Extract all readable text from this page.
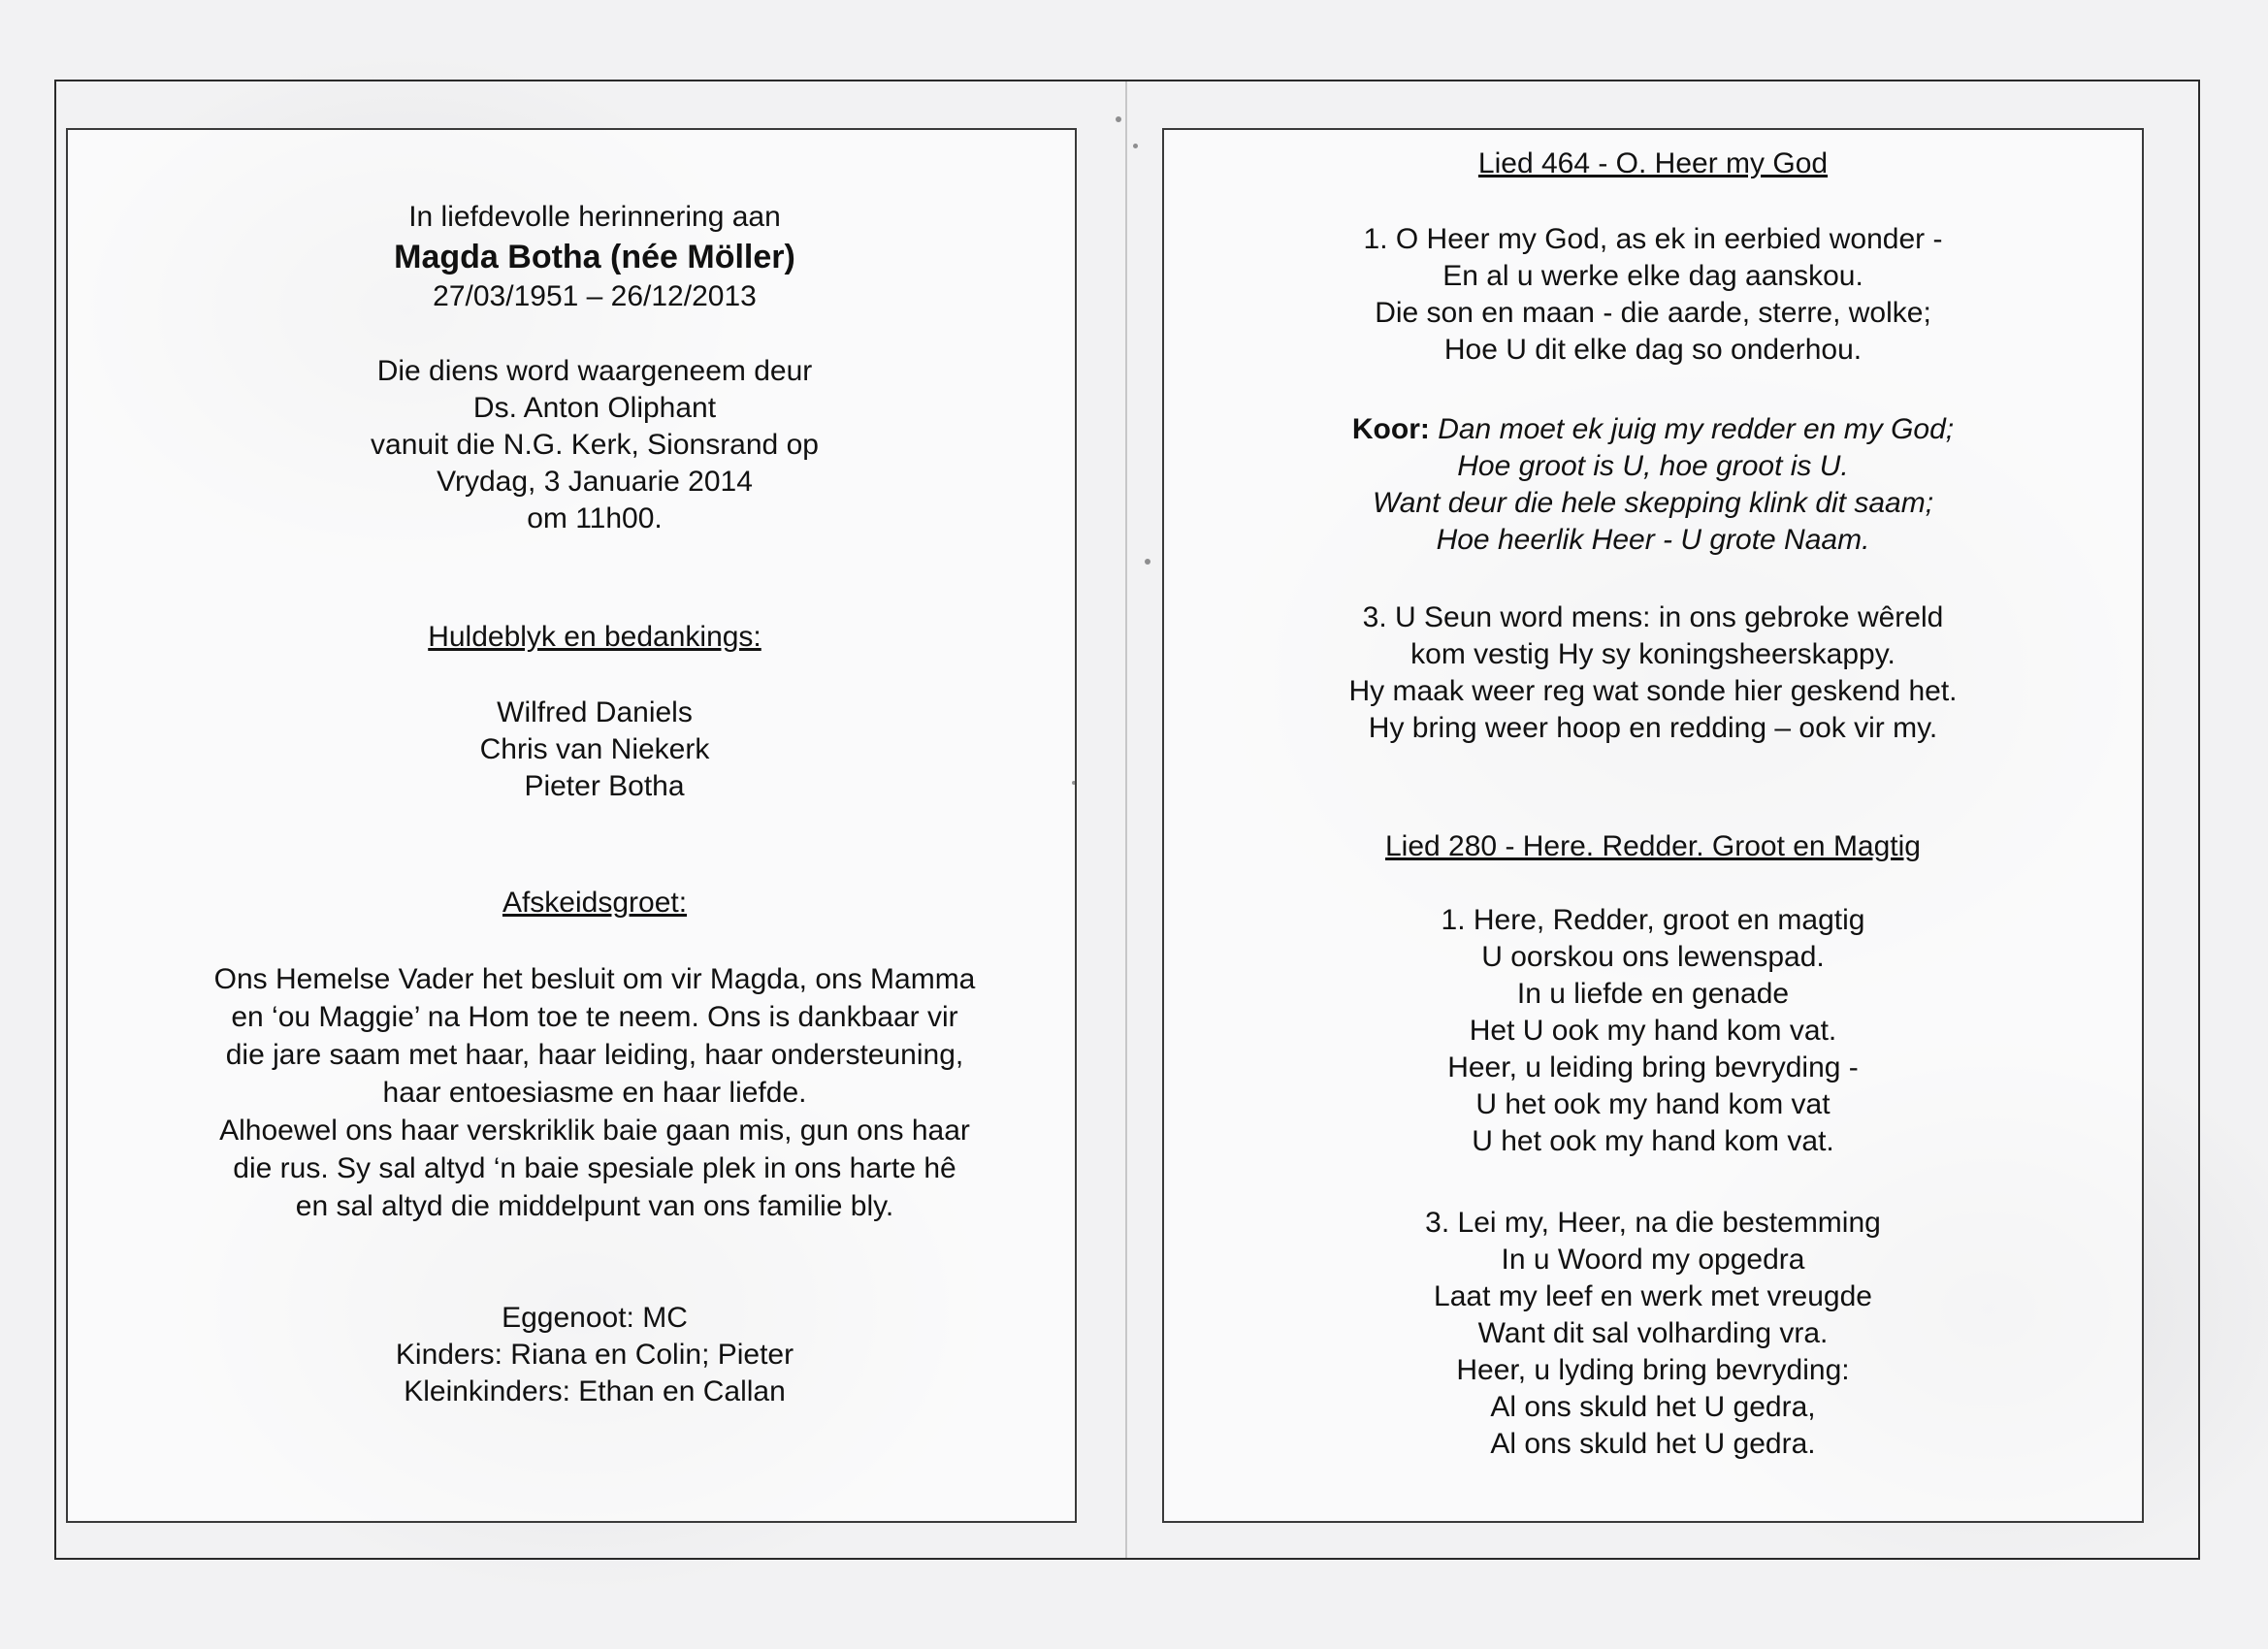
In liefdevolle herinnering aan
Magda Botha (née Möller)
27/03/1951 – 26/12/2013
Die diens word waargeneem deur
Ds. Anton Oliphant
vanuit die N.G. Kerk, Sionsrand op
Vrydag, 3 Januarie 2014
om 11h00.
Huldeblyk en bedankings:
Wilfred Daniels
Chris van Niekerk
Pieter Botha
Afskeidsgroet:
Ons Hemelse Vader het besluit om vir Magda, ons Mamma
en ‘ou Maggie’ na Hom toe te neem. Ons is dankbaar vir
die jare saam met haar, haar leiding, haar ondersteuning,
haar entoesiasme en haar liefde.
Alhoewel ons haar verskriklik baie gaan mis, gun ons haar
die rus. Sy sal altyd ‘n baie spesiale plek in ons harte hê
en sal altyd die middelpunt van ons familie bly.
Eggenoot: MC
Kinders: Riana en Colin; Pieter
Kleinkinders: Ethan en Callan
Lied 464 - O. Heer my God
1. O Heer my God, as ek in eerbied wonder -
En al u werke elke dag aanskou.
Die son en maan - die aarde, sterre, wolke;
Hoe U dit elke dag so onderhou.
Koor: Dan moet ek juig my redder en my God;
Hoe groot is U, hoe groot is U.
Want deur die hele skepping klink dit saam;
Hoe heerlik Heer - U grote Naam.
3. U Seun word mens: in ons gebroke wêreld
kom vestig Hy sy koningsheerskappy.
Hy maak weer reg wat sonde hier geskend het.
Hy bring weer hoop en redding – ook vir my.
Lied 280 - Here. Redder. Groot en Magtig
1. Here, Redder, groot en magtig
U oorskou ons lewenspad.
In u liefde en genade
Het U ook my hand kom vat.
Heer, u leiding bring bevryding -
U het ook my hand kom vat
U het ook my hand kom vat.
3. Lei my, Heer, na die bestemming
In u Woord my opgedra
Laat my leef en werk met vreugde
Want dit sal volharding vra.
Heer, u lyding bring bevryding:
Al ons skuld het U gedra,
Al ons skuld het U gedra.
